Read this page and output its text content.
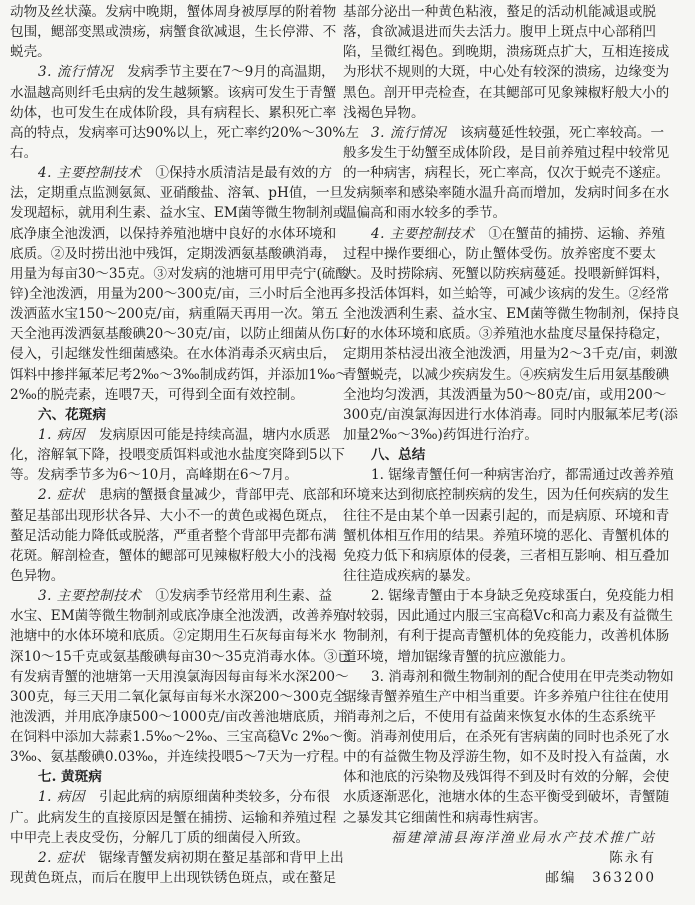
动物及丝状藻。发病中晚期，蟹体周身被厚厚的附着物
包围，鳃部变黑或溃疡，病蟹食欲减退，生长停滞、不
蜕壳。
3. 流行情况 发病季节主要在7～9月的高温期，
水温越高则纤毛虫病的发生越频繁。该病可发生于青蟹
幼体，也可发生在成体阶段，具有病程长、累积死亡率
高的特点，发病率可达90%以上，死亡率约20%～30%左
右。
4. 主要控制技术 ①保持水质清洁是最有效的方
法，定期重点监测氨氮、亚硝酸盐、溶氧、pH值，一旦
发现超标，就用利生素、益水宝、EM菌等微生物制剂或
底净康全池泼洒，以保持养殖池塘中良好的水体环境和
底质。②及时捞出池中残饵，定期泼洒氨基酸碘消毒，
用量为每亩30～35克。③对发病的池塘可用甲壳宁(硫酸
锌)全池泼洒，用量为200～300克/亩，三小时后全池再
泼洒蓝水宝150～200克/亩，病重隔天再用一次。第五
天全池再泼洒氨基酸碘20～30克/亩，以防止细菌从伤口
侵入，引起继发性细菌感染。在水体消毒杀灭病虫后，
饵料中掺拌氟苯尼考2‰～3‰制成药饵，并添加1‰～
2‰的脱壳素，连喂7天，可得到全面有效控制。
六、花斑病
1. 病因 发病原因可能是持续高温，塘内水质恶
化，溶解氧下降，投喂变质饵料或池水盐度突降到5以下
等。发病季节多为6～10月，高峰期在6～7月。
2. 症状 患病的蟹摄食量减少，背部甲壳、底部和
螯足基部出现形状各异、大小不一的黄色或褐色斑点，
螯足活动能力降低或脱落，严重者整个背部甲壳都布满
花斑。解剖检查，蟹体的鳃部可见辣椒籽般大小的浅褐
色异物。
3. 主要控制技术 ①发病季节经常用利生素、益
水宝、EM菌等微生物制剂或底净康全池泼洒，改善养殖
池塘中的水体环境和底质。②定期用生石灰每亩每米水
深10～15千克或氨基酸碘每亩30～35克消毒水体。③已
有发病青蟹的池塘第一天用溴氯海因每亩每米水深200～
300克，每三天用二氧化氯每亩每米水深200～300克全
池泼洒，并用底净康500～1000克/亩改善池塘底质，并
在饲料中添加大蒜素1.5‰～2‰、三宝高稳Vc 2‰～
3‰、氨基酸碘0.03‰，并连续投喂5～7天为一疗程。
七. 黄斑病
1. 病因 引起此病的病原细菌种类较多，分布很
广。此病发生的直接原因是蟹在捕捞、运输和养殖过程
中甲壳上表皮受伤，分解几丁质的细菌侵入所致。
2. 症状 锯缘青蟹发病初期在螯足基部和背甲上出
现黄色斑点，而后在腹甲上出现铁锈色斑点，或在螯足
基部分泌出一种黄色粘液，螯足的活动机能减退或脱
落，食欲减退进而失去活力。腹甲上斑点中心部稍凹
陷，呈微红褐色。到晚期，溃疡斑点扩大，互相连接成
为形状不规则的大斑，中心处有较深的溃疡，边缘变为
黑色。剖开甲壳检查，在其鳃部可见象辣椒籽般大小的
浅褐色异物。
3. 流行情况 该病蔓延性较强，死亡率较高。一
般多发生于幼蟹至成体阶段，是目前养殖过程中较常见
的一种病害，病程长，死亡率高，仅次于蜕壳不遂症。
发病频率和感染率随水温升高而增加，发病时间多在水
温偏高和雨水较多的季节。
4. 主要控制技术 ①在蟹苗的捕捞、运输、养殖
过程中操作要细心，防止蟹体受伤。放养密度不要太
大。及时捞除病、死蟹以防疾病蔓延。投喂新鲜饵料，
多投活体饵料，如兰蛤等，可减少该病的发生。②经常
全池泼洒利生素、益水宝、EM菌等微生物制剂，保持良
好的水体环境和底质。③养殖池水盐度尽量保持稳定，
定期用茶枯浸出液全池泼洒，用量为2～3千克/亩，刺激
青蟹蜕壳，以减少疾病发生。④疾病发生后用氨基酸碘
全池均匀泼洒，其泼洒量为50～80克/亩，或用200～
300克/亩溴氯海因进行水体消毒。同时内服氟苯尼考(添
加量2‰～3‰)药饵进行治疗。
八、总结
1. 锯缘青蟹任何一种病害治疗，都需通过改善养殖
环境来达到彻底控制疾病的发生，因为任何疾病的发生
往往不是由某个单一因素引起的，而是病原、环境和青
蟹机体相互作用的结果。养殖环境的恶化、青蟹机体的
免疫力低下和病原体的侵袭，三者相互影响、相互叠加
往往造成疾病的暴发。
2. 锯缘青蟹由于本身缺乏免疫球蛋白，免疫能力相
对较弱，因此通过内服三宝高稳Vc和高力素及有益微生
物制剂，有利于提高青蟹机体的免疫能力，改善机体肠
道环境，增加锯缘青蟹的抗应激能力。
3. 消毒剂和微生物制剂的配合使用在甲壳类动物如
锯缘青蟹养殖生产中相当重要。许多养殖户往往在使用
消毒剂之后，不使用有益菌来恢复水体的生态系统平
衡。消毒剂使用后，在杀死有害病菌的同时也杀死了水
中的有益微生物及浮游生物，如不及时投入有益菌，水
体和池底的污染物及残饵得不到及时有效的分解，会使
水质逐渐恶化，池塘水体的生态平衡受到破坏，青蟹随
之暴发其它细菌性和病毒性病害。
福建漳浦县海洋渔业局水产技术推广站
陈永有
邮编　363200
